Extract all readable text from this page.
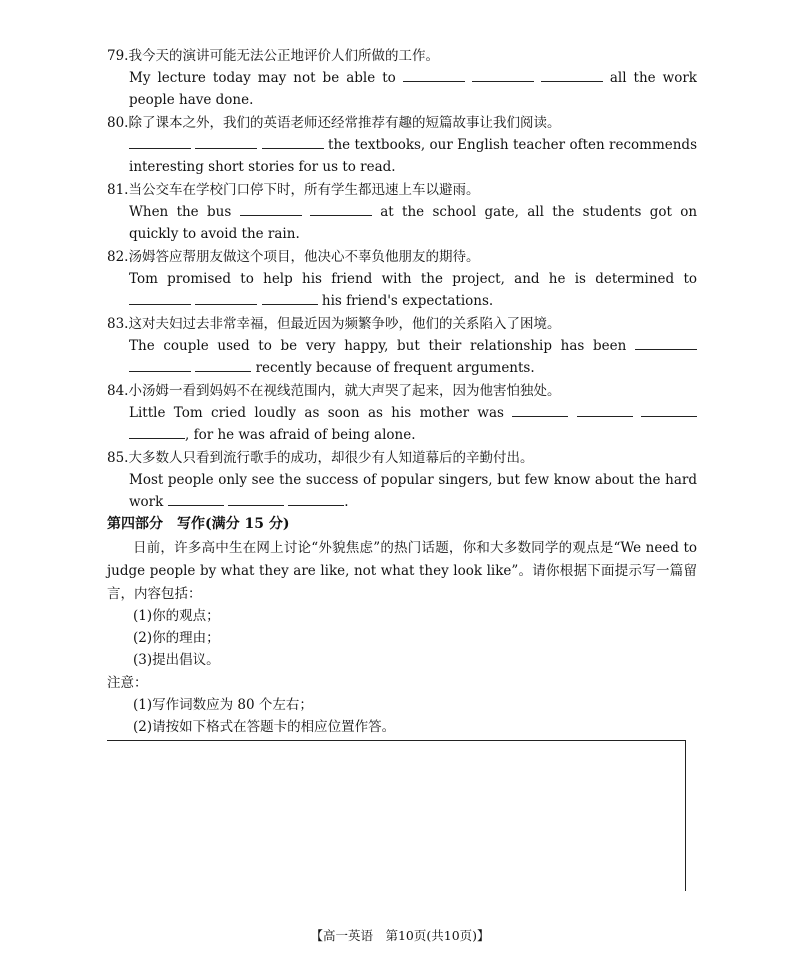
79.我今天的演讲可能无法公正地评价人们所做的工作。
My lecture today may not be able to	all the work people have done.
80.除了课本之外，我们的英语老师还经常推荐有趣的短篇故事让我们阅读。
the textbooks, our English teacher often recommends interesting short stories for us to read.
81.当公交车在学校门口停下时，所有学生都迅速上车以避雨。
When the bus	at the school gate, all the students got on quickly to avoid the rain.
82.汤姆答应帮朋友做这个项目，他决心不辜负他朋友的期待。
Tom promised to help his friend with the project, and he is determined to    his friend's expectations.
83.这对夫妇过去非常幸福，但最近因为频繁争吵，他们的关系陷入了困境。
The couple used to be very happy, but their relationship has been    recently because of frequent arguments.
84.小汤姆一看到妈妈不在视线范围内，就大声哭了起来，因为他害怕独处。
Little Tom cried loudly as soon as his mother was    , for he was afraid of being alone.
85.大多数人只看到流行歌手的成功，却很少有人知道幕后的辛勤付出。
Most people only see the success of popular singers, but few know about the hard work	.
第四部分　写作(满分 15 分)
日前，许多高中生在网上讨论“外貌焦虑”的热门话题，你和大多数同学的观点是“We need to judge people by what they are like, not what they look like”。请你根据下面提示写一篇留言，内容包括：
(1)你的观点；
(2)你的理由；
(3)提出倡议。
注意：
(1)写作词数应为 80 个左右；
(2)请按如下格式在答题卡的相应位置作答。
【高一英语　第10页(共10页)】
